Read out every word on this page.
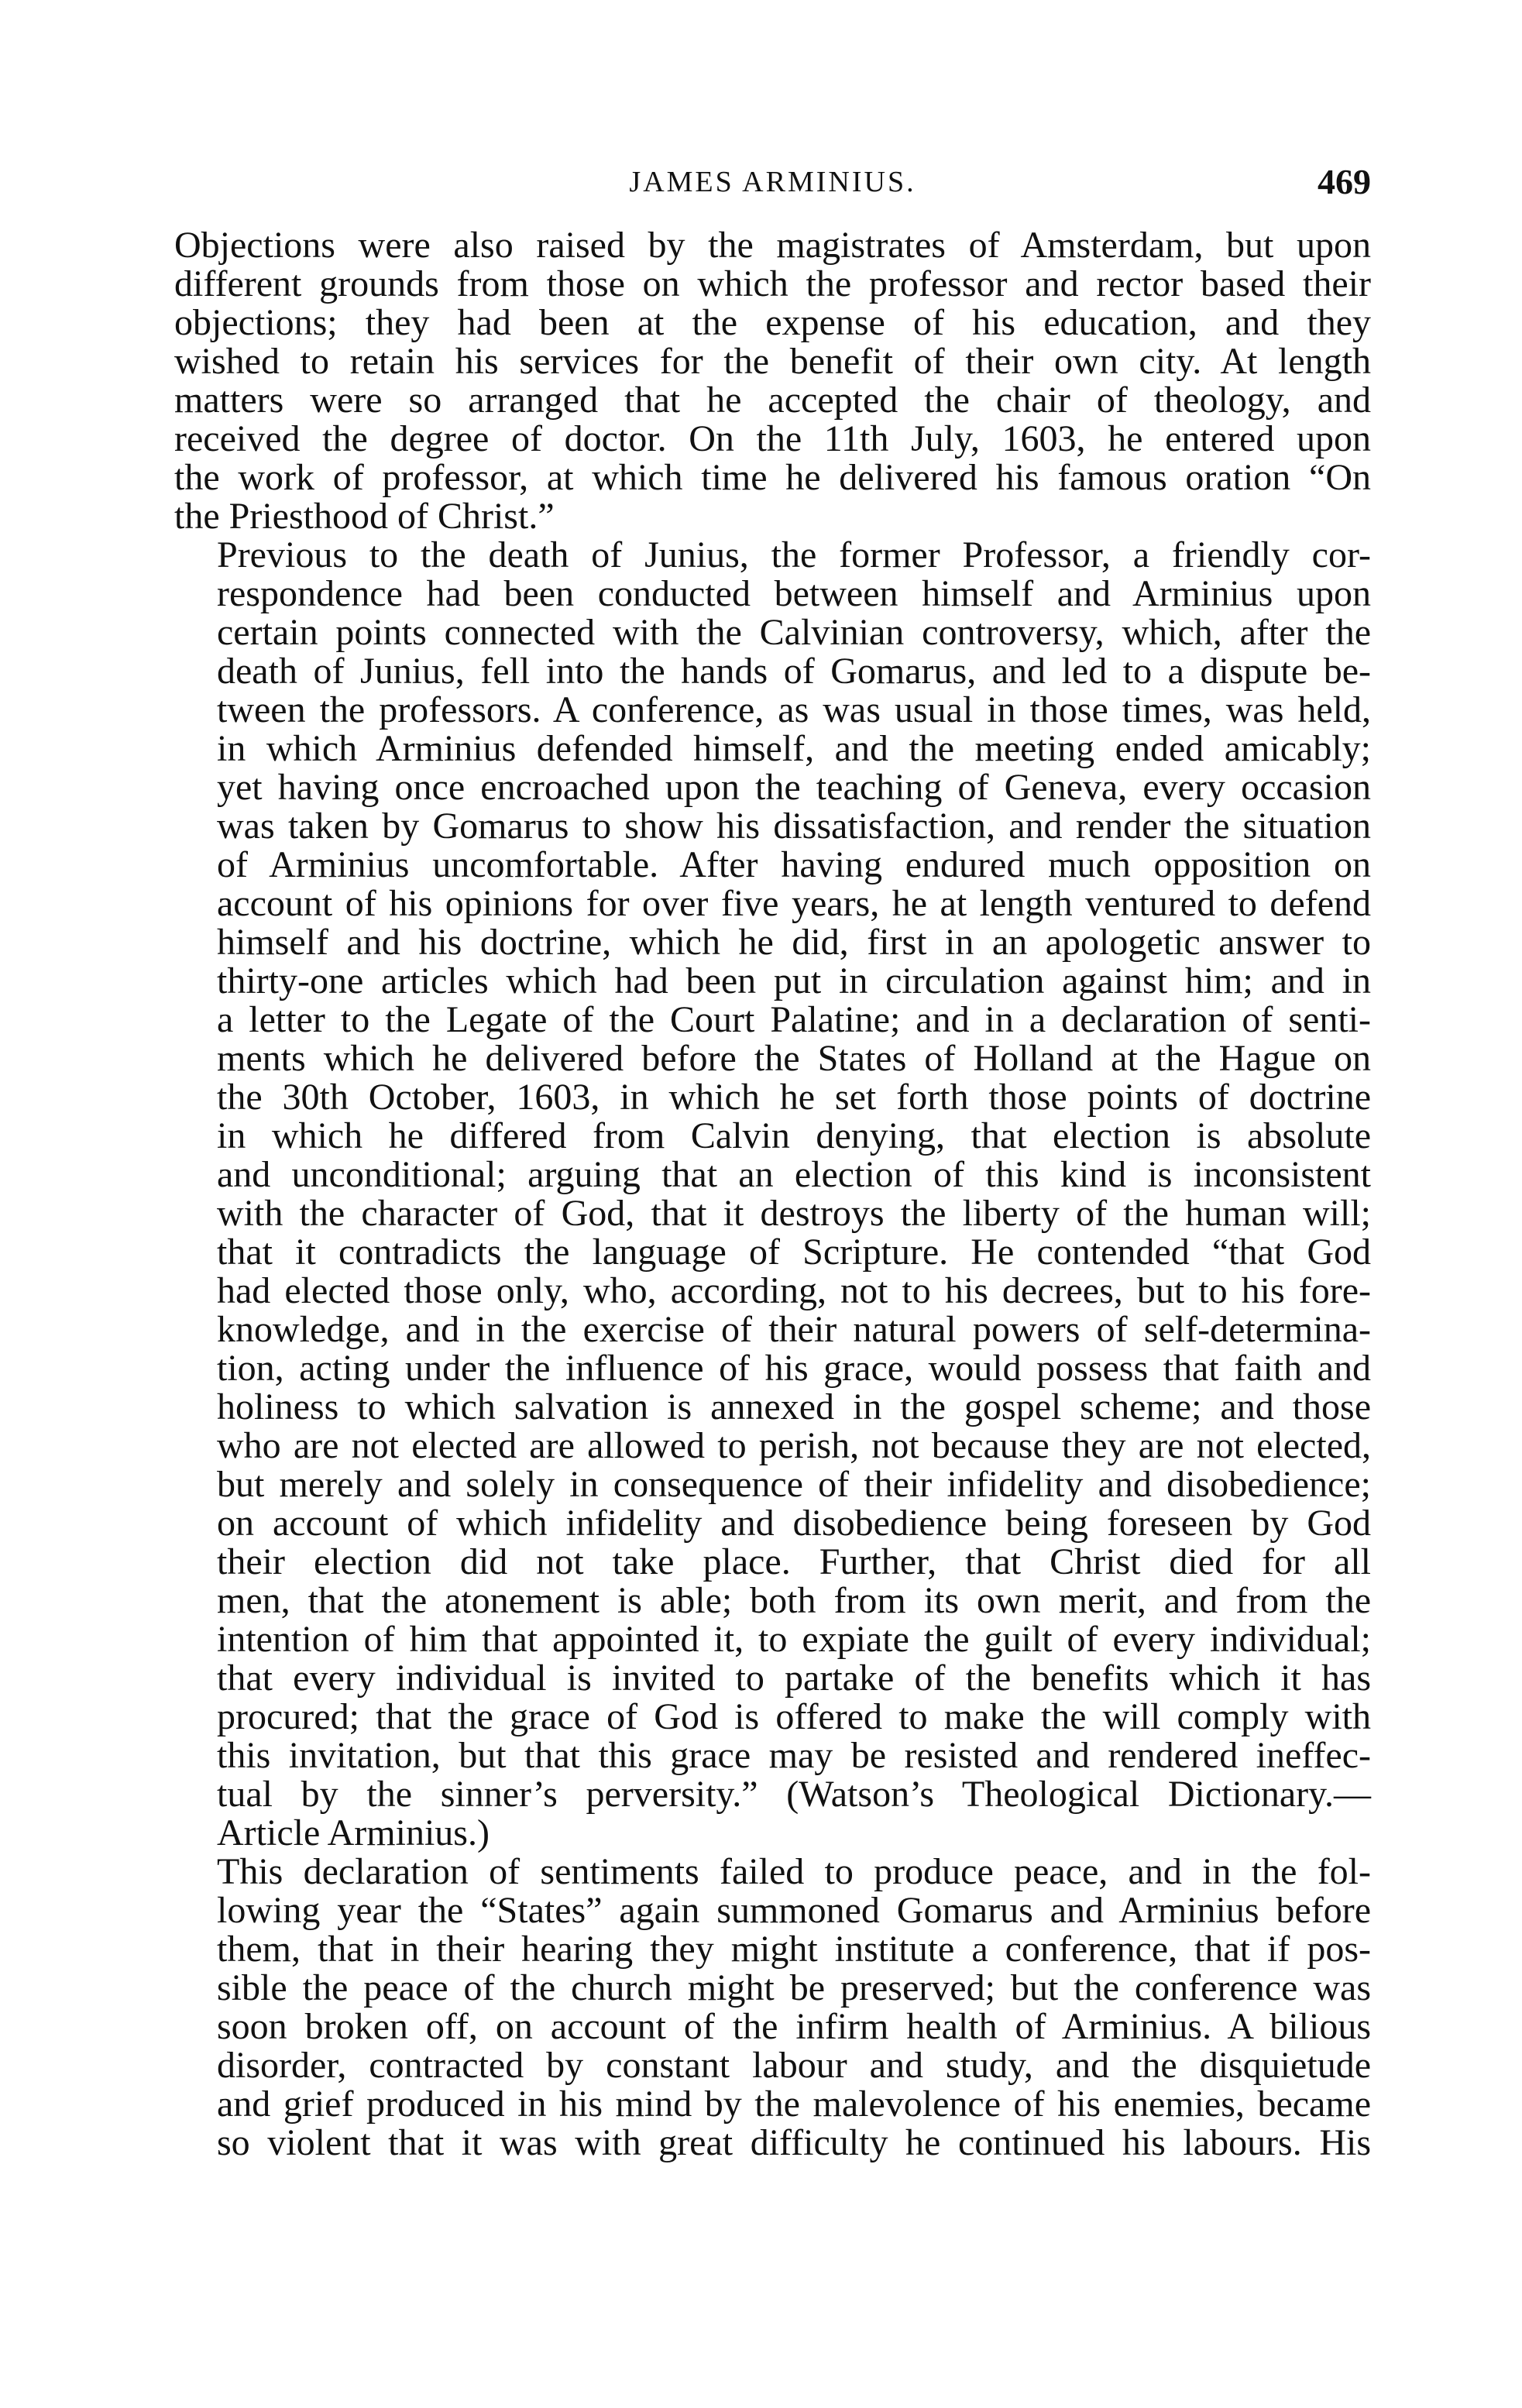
JAMES ARMINIUS.	469

Objections were also raised by the magistrates of Amsterdam, but upon
different grounds from those on which the professor and rector based their
objections; they had been at the expense of his education, and they
wished to retain his services for the benefit of their own city. At length
matters were so arranged that he accepted the chair of theology, and
received the degree of doctor. On the 11th July, 1603, he entered upon
the work of professor, at which time he delivered his famous oration “On
the Priesthood of Christ.”

Previous to the death of Junius, the former Professor, a friendly cor-
respondence had been conducted between himself and Arminius upon
certain points connected with the Calvinian controversy, which, after the
death of Junius, fell into the hands of Gomarus, and led to a dispute be-
tween the professors. A conference, as was usual in those times, was held,
in which Arminius defended himself, and the meeting ended amicably;
yet having once encroached upon the teaching of Geneva, every occasion
was taken by Gomarus to show his dissatisfaction, and render the situation
of Arminius uncomfortable. After having endured much opposition on
account of his opinions for over five years, he at length ventured to defend
himself and his doctrine, which he did, first in an apologetic answer to
thirty-one articles which had been put in circulation against him; and in
a letter to the Legate of the Court Palatine; and in a declaration of senti-
ments which he delivered before the States of Holland at the Hague on
the 30th October, 1603, in which he set forth those points of doctrine
in which he differed from Calvin denying, that election is absolute
and unconditional; arguing that an election of this kind is inconsistent
with the character of God, that it destroys the liberty of the human will;
that it contradicts the language of Scripture. He contended “that God
had elected those only, who, according, not to his decrees, but to his fore-
knowledge, and in the exercise of their natural powers of self-determina-
tion, acting under the influence of his grace, would possess that faith and
holiness to which salvation is annexed in the gospel scheme; and those
who are not elected are allowed to perish, not because they are not elected,
but merely and solely in consequence of their infidelity and disobedience;
on account of which infidelity and disobedience being foreseen by God
their election did not take place. Further, that Christ died for all
men, that the atonement is able; both from its own merit, and from the
intention of him that appointed it, to expiate the guilt of every individual;
that every individual is invited to partake of the benefits which it has
procured; that the grace of God is offered to make the will comply with
this invitation, but that this grace may be resisted and rendered ineffec-
tual by the sinner’s perversity.” (Watson’s Theological Dictionary.—
Article Arminius.)

This declaration of sentiments failed to produce peace, and in the fol-
lowing year the “States” again summoned Gomarus and Arminius before
them, that in their hearing they might institute a conference, that if pos-
sible the peace of the church might be preserved; but the conference was
soon broken off, on account of the infirm health of Arminius. A bilious
disorder, contracted by constant labour and study, and the disquietude
and grief produced in his mind by the malevolence of his enemies, became
so violent that it was with great difficulty he continued his labours. His
